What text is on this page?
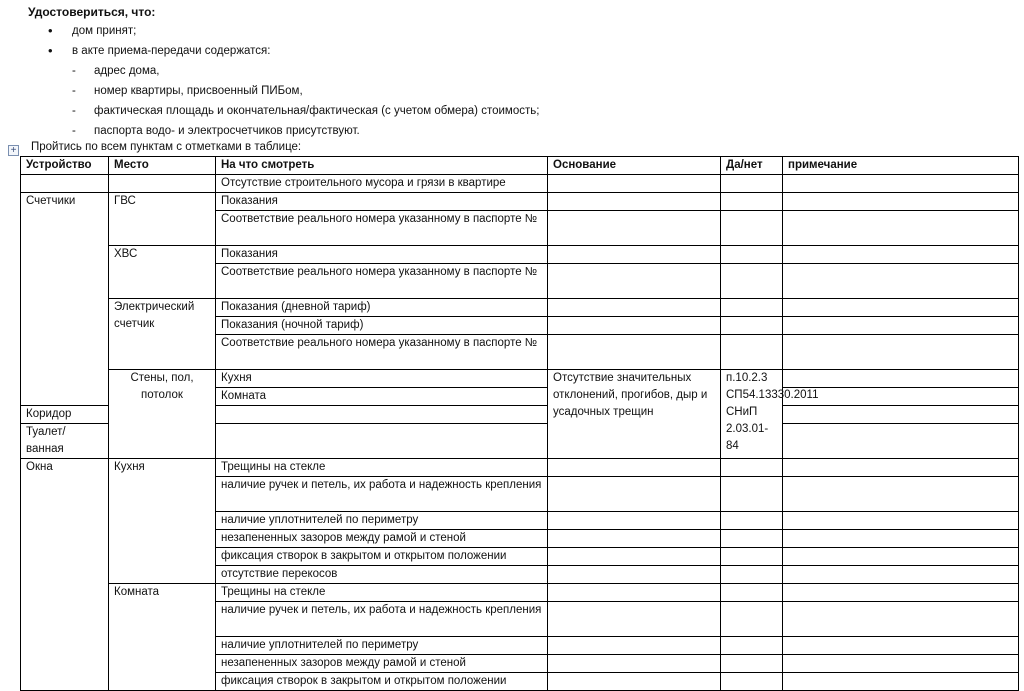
Удостовериться, что:
• дом принят;
• в акте приема-передачи содержатся:
- адрес дома,
- номер квартиры, присвоенный ПИБом,
- фактическая площадь и окончательная/фактическая (с учетом обмера) стоимость;
- паспорта водо- и электросчетчиков присутствуют.
+ Пройтись по всем пунктам с отметками в таблице:
Устройство	Место	На что смотреть	Основание	Да/нет	примечание	
		Отсутствие строительного мусора и грязи в квартире				
Счетчики	ГВС	Показания				
		Соответствие реального номера указанному в паспорте №				
	ХВС	Показания				
		Соответствие реального номера указанному в паспорте №				
	Электрический счетчик	Показания (дневной тариф)				
		Показания (ночной тариф)				
		Соответствие реального номера указанному в паспорте №				
	Стены, пол, потолок	Кухня	Отсутствие значительных отклонений, прогибов, дыр и усадочных трещин	п.10.2.3 СП54.13330.2011 СНиП 2.03.01-84		
		Комната				
Коридор						
Туалет/ванная						
Окна	Кухня	Трещины на стекле				
		наличие ручек и петель, их работа и надежность крепления				
		наличие уплотнителей по периметру				
		незапененных зазоров между рамой и стеной				
		фиксация створок в закрытом и открытом положении				
		отсутствие перекосов				
	Комната	Трещины на стекле				
		наличие ручек и петель, их работа и надежность крепления				
		наличие уплотнителей по периметру				
		незапененных зазоров между рамой и стеной				
		фиксация створок в закрытом и открытом положении				
